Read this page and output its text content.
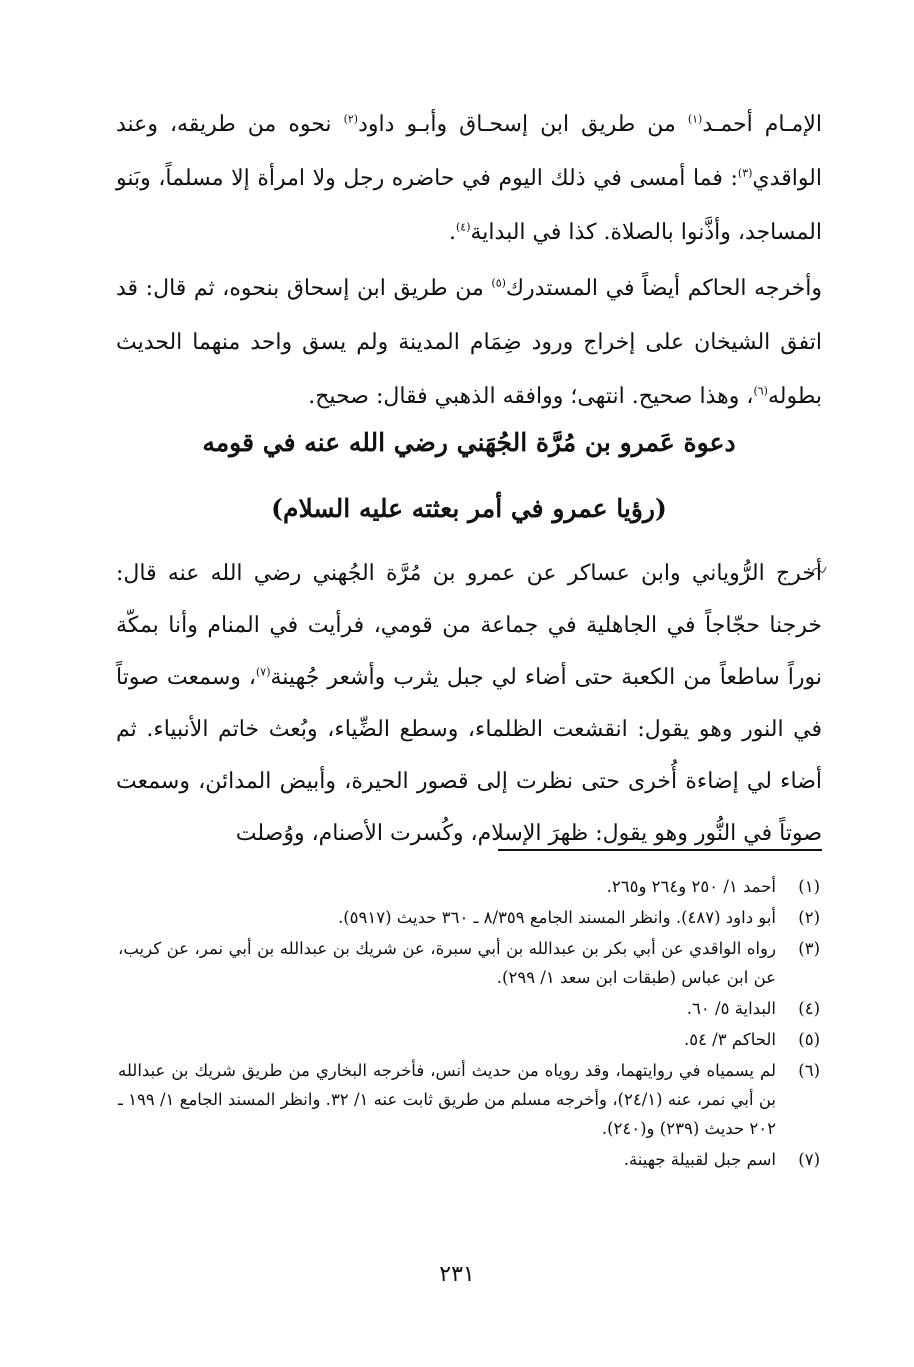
الإمـام أحمـد$^{(١)}$ من طريق ابن إسحـاق وأبـو داود$^{(٢)}$ نحوه من طريقه، وعند الواقدي$^{(٣)}$: فما أمسى في ذلك اليوم في حاضره رجل ولا امرأة إلا مسلماً، وبَنو المساجد، وأذَّنوا بالصلاة. كذا في البداية$^{(٤)}$.

وأخرجه الحاكم أيضاً في المستدرك$^{(٥)}$ من طريق ابن إسحاق بنحوه، ثم قال: قد اتفق الشيخان على إخراج ورود ضِمَام المدينة ولم يسق واحد منهما الحديث بطوله$^{(٦)}$، وهذا صحيح. انتهى؛ ووافقه الذهبي فقال: صحيح.

دعوة عَمرو بن مُرَّة الجُهَني رضي الله عنه في قومه
(رؤيا عمرو في أمر بعثته عليه السلام)

أخرج الرُّوياني وابن عساكر عن عمرو بن مُرَّة الجُهني رضي الله عنه قال: خرجنا حجّاجاً في الجاهلية في جماعة من قومي، فرأيت في المنام وأنا بمكّة نوراً ساطعاً من الكعبة حتى أضاء لي جبل يثرب وأشعر جُهينة$^{(٧)}$، وسمعت صوتاً في النور وهو يقول: انقشعت الظلماء، وسطع الضِّياء، وبُعث خاتم الأنبياء. ثم أضاء لي إضاءة أُخرى حتى نظرت إلى قصور الحيرة، وأبيض المدائن، وسمعت صوتاً في النُّور وهو يقول: ظهرَ الإسلام، وكُسرت الأصنام، ووُصلت

(١)
أحمد ١/ ٢٥٠ و٢٦٤ و٢٦٥.
(٢)
أبو داود (٤٨٧). وانظر المسند الجامع ٨/٣٥٩ ـ ٣٦٠ حديث (٥٩١٧).
(٣)
رواه الواقدي عن أبي بكر بن عبدالله بن أبي سبرة، عن شريك بن عبدالله بن أبي نمر، عن كريب، عن ابن عباس (طبقات ابن سعد ١/ ٢٩٩).
(٤)
البداية ٥/ ٦٠.
(٥)
الحاكم ٣/ ٥٤.
(٦)
لم يسمياه في روايتهما، وقد روياه من حديث أنس، فأخرجه البخاري من طريق شريك بن عبدالله بن أبي نمر، عنه (٢٤/١)، وأخرجه مسلم من طريق ثابت عنه ١/ ٣٢. وانظر المسند الجامع ١/ ١٩٩ ـ ٢٠٢ حديث (٢٣٩) و(٢٤٠).
(٧)
اسم جبل لقبيلة جهينة.
٢٣١
